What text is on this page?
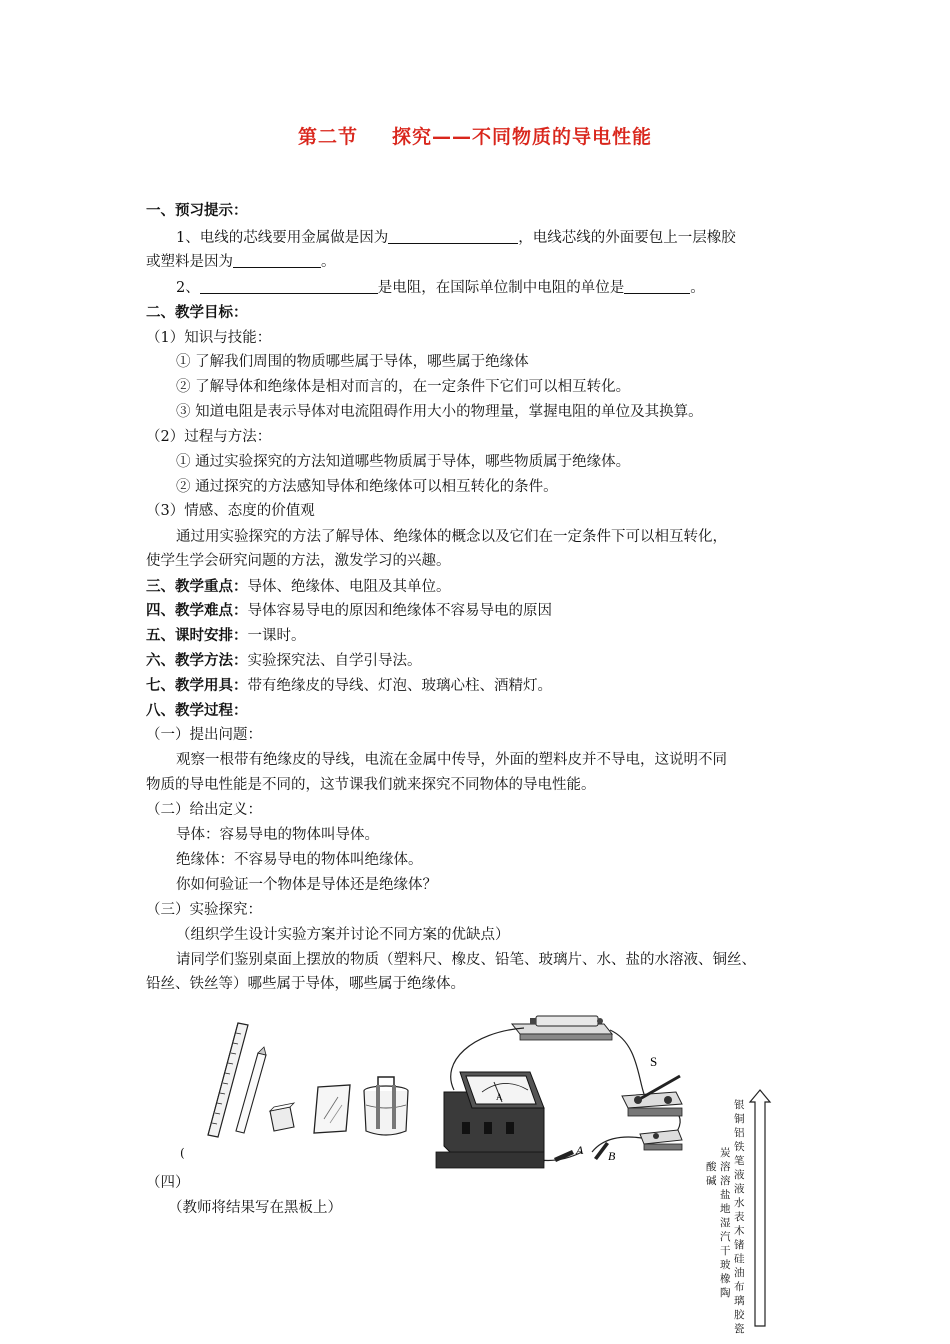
第二节 探究——不同物质的导电性能
一、预习提示：
1、电线的芯线要用金属做是因为	，电线芯线的外面要包上一层橡胶
或塑料是因为	。
2、	是电阻，在国际单位制中电阻的单位是	。
二、教学目标：
（1）知识与技能：
① 了解我们周围的物质哪些属于导体，哪些属于绝缘体
② 了解导体和绝缘体是相对而言的，在一定条件下它们可以相互转化。
③ 知道电阻是表示导体对电流阻碍作用大小的物理量，掌握电阻的单位及其换算。
（2）过程与方法：
① 通过实验探究的方法知道哪些物质属于导体，哪些物质属于绝缘体。
② 通过探究的方法感知导体和绝缘体可以相互转化的条件。
（3）情感、态度的价值观
通过用实验探究的方法了解导体、绝缘体的概念以及它们在一定条件下可以相互转化，
使学生学会研究问题的方法，激发学习的兴趣。
三、教学重点：导体、绝缘体、电阻及其单位。
四、教学难点：导体容易导电的原因和绝缘体不容易导电的原因
五、课时安排：一课时。
六、教学方法：实验探究法、自学引导法。
七、教学用具：带有绝缘皮的导线、灯泡、玻璃心柱、酒精灯。
八、教学过程：
（一）提出问题：
观察一根带有绝缘皮的导线，电流在金属中传导，外面的塑料皮并不导电，这说明不同
物质的导电性能是不同的，这节课我们就来探究不同物体的导电性能。
（二）给出定义：
导体：容易导电的物体叫导体。
绝缘体：不容易导电的物体叫绝缘体。
你如何验证一个物体是导体还是绝缘体？
（三）实验探究：
（组织学生设计实验方案并讨论不同方案的优缺点）
请同学们鉴别桌面上摆放的物质（塑料尺、橡皮、铅笔、玻璃片、水、盐的水溶液、铜丝、
铅丝、铁丝等）哪些属于导体，哪些属于绝缘体。
(
（四）
（教师将结果写在黑板上）
S
A
A B
银
铜
铝
铁
笔
液
液
水
表
木
锗
硅
油
布
璃
胶
瓷
炭
溶
溶
盐
地
湿
汽
干
玻
橡
陶
酸
碱
